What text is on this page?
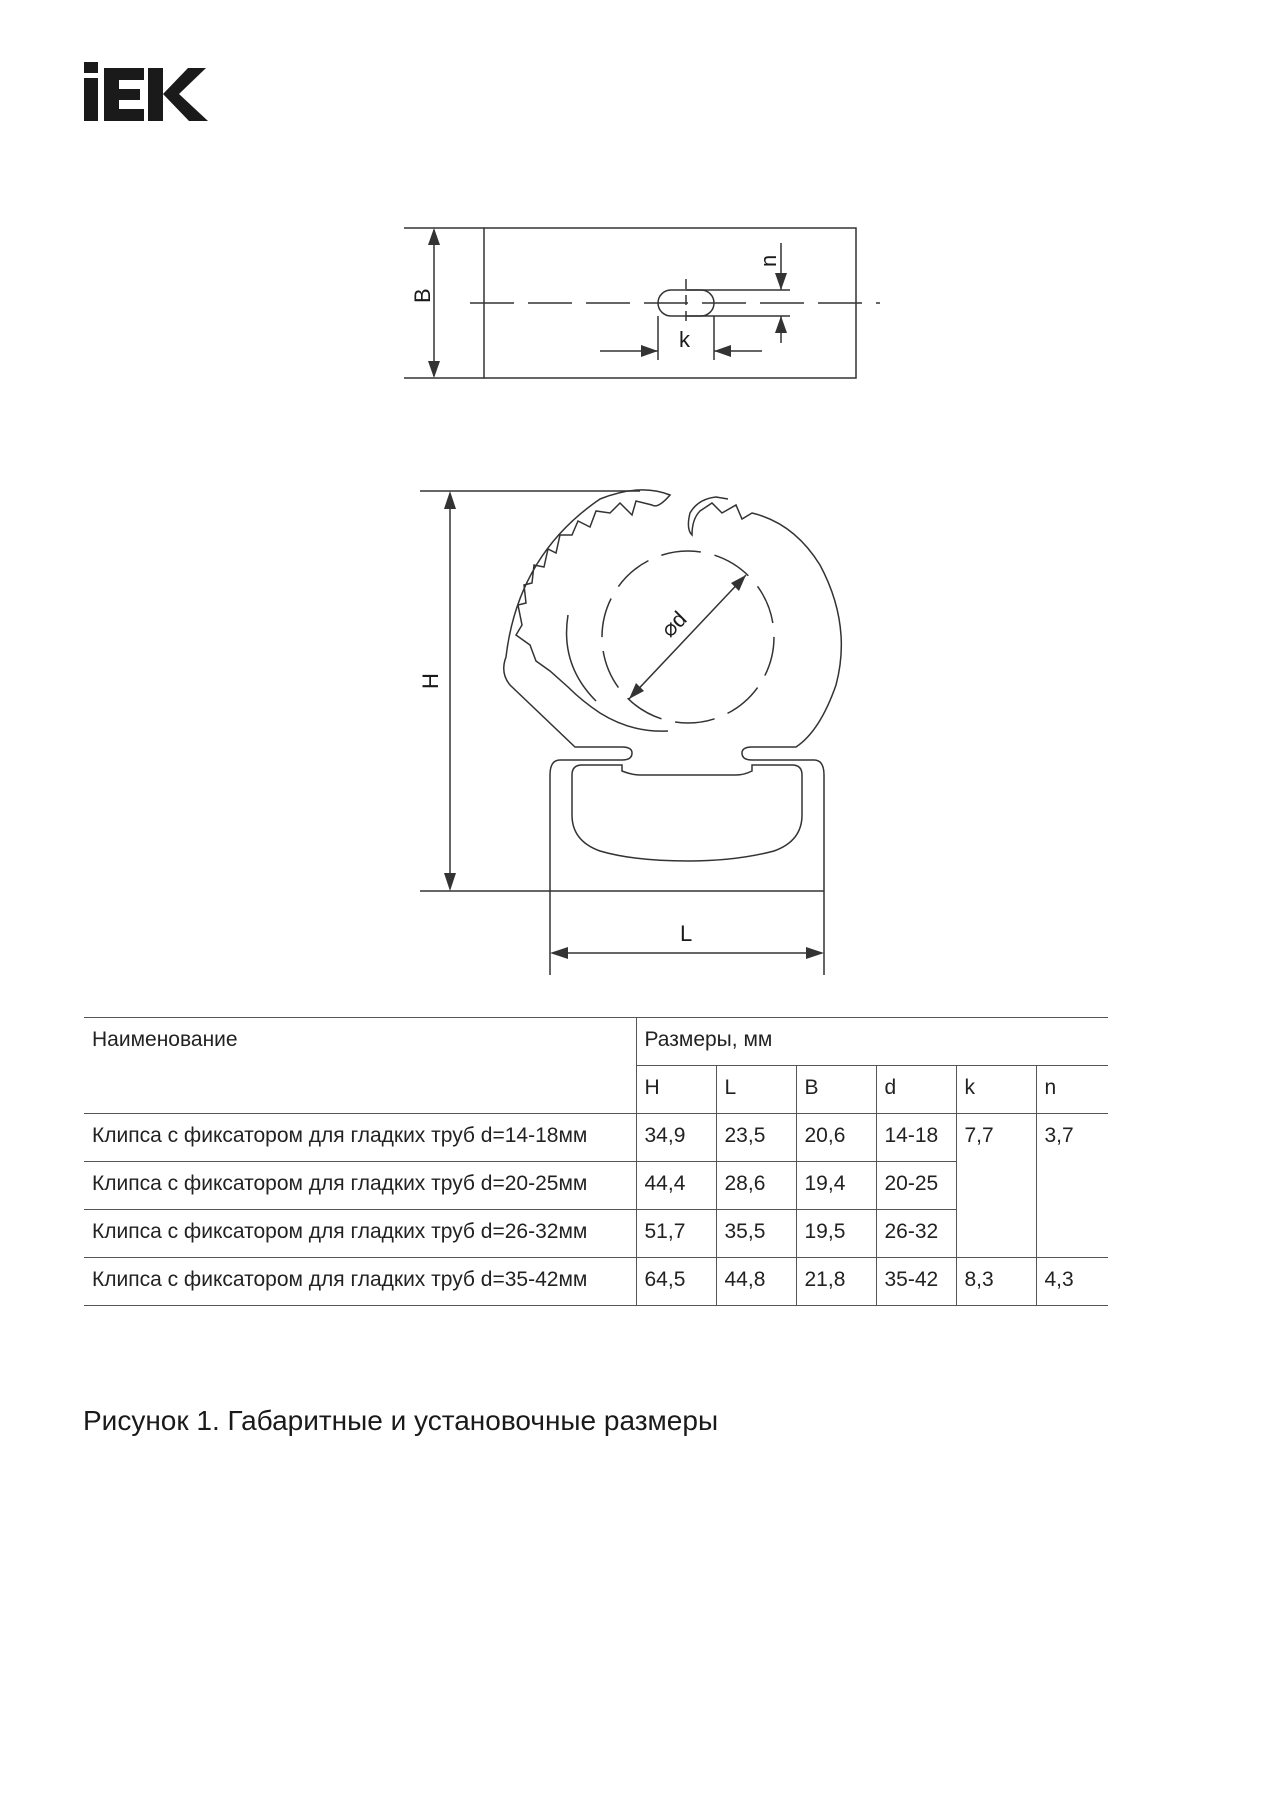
B
n
k
H
L
⌀d
Наименование	Размеры, мм					
	H	L	B	d	k	n
Клипса с фиксатором для гладких труб d=14-18мм	34,9	23,5	20,6	14-18	7,7	3,7
Клипса с фиксатором для гладких труб d=20-25мм	44,4	28,6	19,4	20-25		
Клипса с фиксатором для гладких труб d=26-32мм	51,7	35,5	19,5	26-32		
Клипса с фиксатором для гладких труб d=35-42мм	64,5	44,8	21,8	35-42	8,3	4,3
Рисунок 1. Габаритные и установочные размеры
